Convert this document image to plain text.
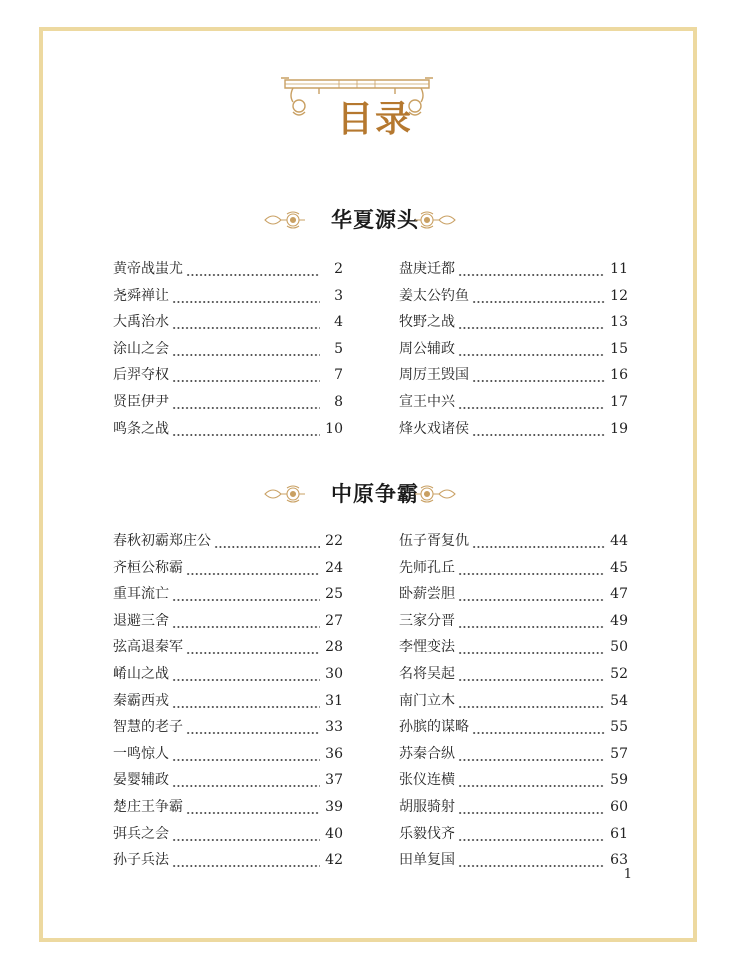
目录
华夏源头
黄帝战蚩尤	2
尧舜禅让	3
大禹治水	4
涂山之会	5
后羿夺权	7
贤臣伊尹	8
鸣条之战	10
盘庚迁都	11
姜太公钓鱼	12
牧野之战	13
周公辅政	15
周厉王毁国	16
宣王中兴	17
烽火戏诸侯	19
中原争霸
春秋初霸郑庄公	22
齐桓公称霸	24
重耳流亡	25
退避三舍	27
弦高退秦军	28
崤山之战	30
秦霸西戎	31
智慧的老子	33
一鸣惊人	36
晏婴辅政	37
楚庄王争霸	39
弭兵之会	40
孙子兵法	42
伍子胥复仇	44
先师孔丘	45
卧薪尝胆	47
三家分晋	49
李悝变法	50
名将吴起	52
南门立木	54
孙膑的谋略	55
苏秦合纵	57
张仪连横	59
胡服骑射	60
乐毅伐齐	61
田单复国	63
1
